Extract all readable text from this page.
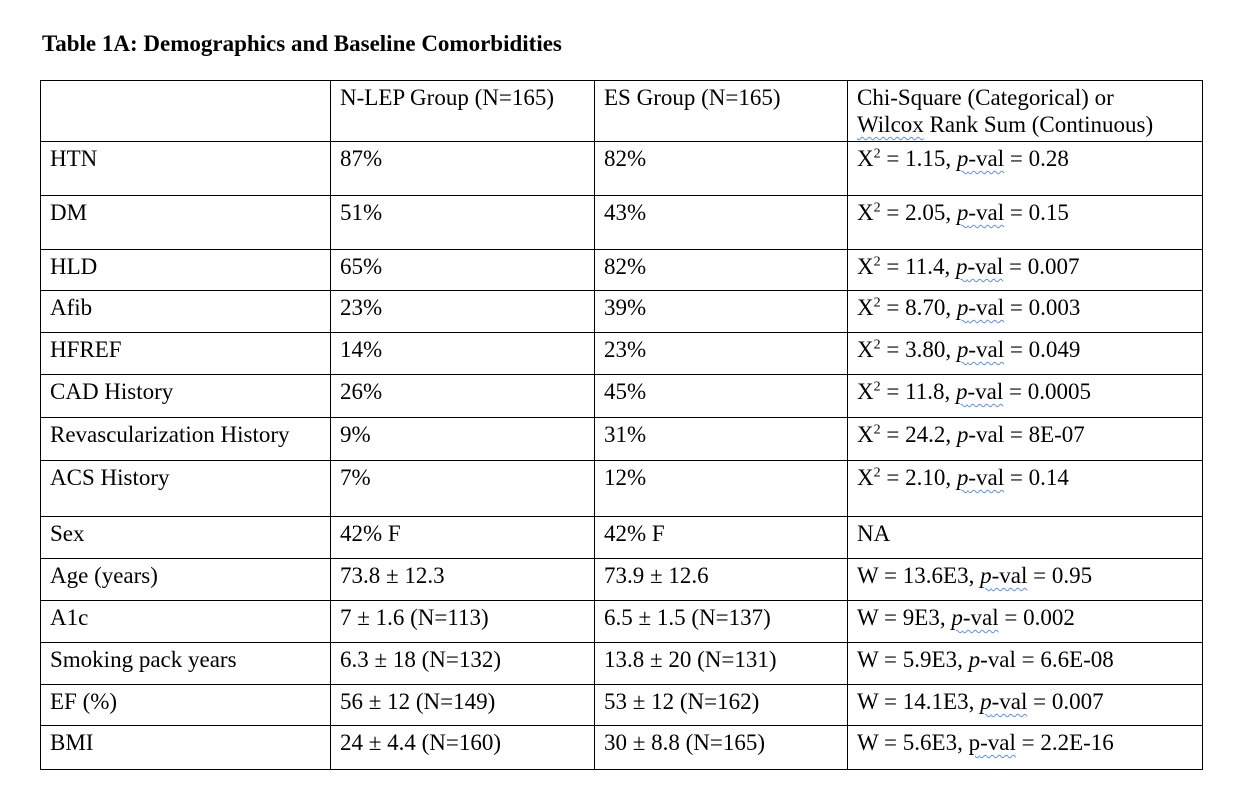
Table 1A: Demographics and Baseline Comorbidities
	N-LEP Group (N=165)	ES Group (N=165)	Chi-Square (Categorical) or
Wilcox Rank Sum (Continuous)

HTN	87%	82%	$X^2 = 1.15$, p-val = 0.28
DM	51%	43%	$X^2 = 2.05$, p-val = 0.15
HLD	65%	82%	$X^2 = 11.4$, p-val = 0.007
Afib	23%	39%	$X^2 = 8.70$, p-val = 0.003
HFREF	14%	23%	$X^2 = 3.80$, p-val = 0.049
CAD History	26%	45%	$X^2 = 11.8$, p-val = 0.0005
Revascularization History	9%	31%	$X^2 = 24.2$, p-val = 8E-07
ACS History	7%	12%	$X^2 = 2.10$, p-val = 0.14
Sex	42% F	42% F	NA
Age (years)	73.8 ± 12.3	73.9 ± 12.6	W = 13.6E3, p-val = 0.95
A1c	7 ± 1.6 (N=113)	6.5 ± 1.5 (N=137)	W = 9E3, p-val = 0.002
Smoking pack years	6.3 ± 18 (N=132)	13.8 ± 20 (N=131)	W = 5.9E3, p-val = 6.6E-08
EF (%)	56 ± 12 (N=149)	53 ± 12 (N=162)	W = 14.1E3, p-val = 0.007
BMI	24 ± 4.4 (N=160)	30 ± 8.8 (N=165)	W = 5.6E3, p-val = 2.2E-16
